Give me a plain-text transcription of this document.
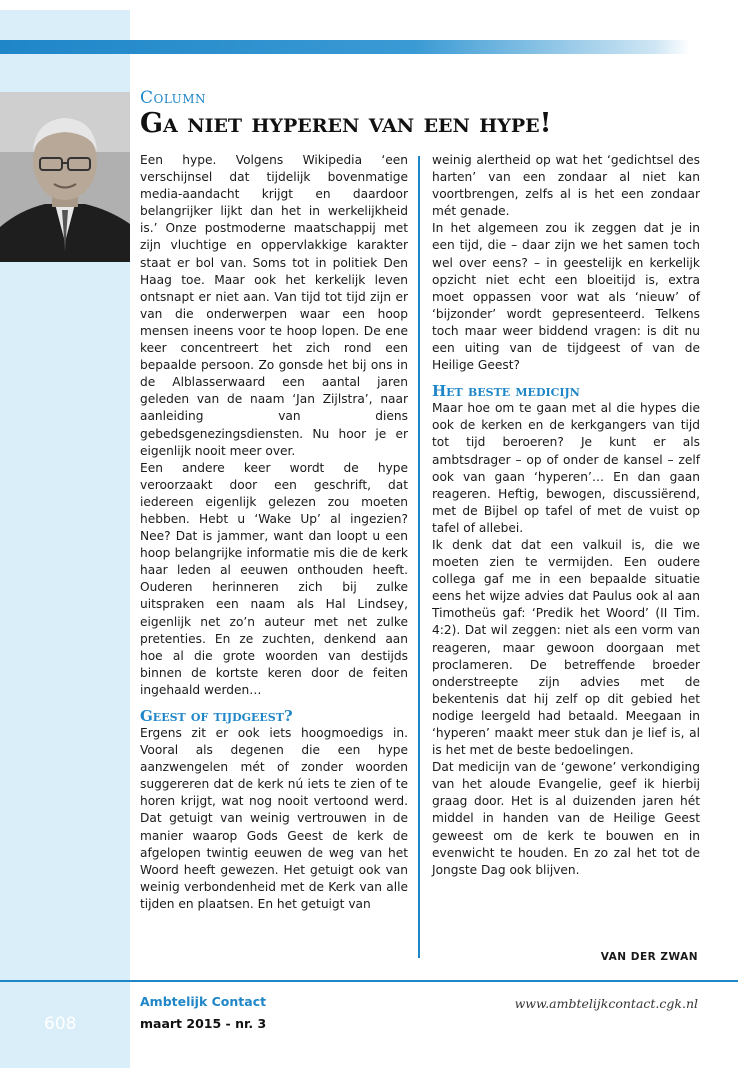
Column
Ga niet hyperen van een hype!

Een hype. Volgens Wikipedia ‘een verschijnsel dat tijdelijk bovenmatige media-aandacht krijgt en daardoor belangrijker lijkt dan het in werkelijkheid is.’ Onze postmoderne maatschappij met zijn vluchtige en oppervlakkige karakter staat er bol van. Soms tot in politiek Den Haag toe. Maar ook het kerkelijk leven ontsnapt er niet aan. Van tijd tot tijd zijn er van die onderwerpen waar een hoop mensen ineens voor te hoop lopen. De ene keer concentreert het zich rond een bepaalde persoon. Zo gonsde het bij ons in de Alblasserwaard een aantal jaren geleden van de naam ‘Jan Zijlstra’, naar aanleiding van diens gebedsgenezingsdiensten. Nu hoor je er eigenlijk nooit meer over.

Een andere keer wordt de hype veroorzaakt door een geschrift, dat iedereen eigenlijk gelezen zou moeten hebben. Hebt u ‘Wake Up’ al ingezien? Nee? Dat is jammer, want dan loopt u een hoop belangrijke informatie mis die de kerk haar leden al eeuwen onthouden heeft. Ouderen herinneren zich bij zulke uitspraken een naam als Hal Lindsey, eigenlijk net zo’n auteur met net zulke pretenties. En ze zuchten, denkend aan hoe al die grote woorden van destijds binnen de kortste keren door de feiten ingehaald werden…

Geest of tijdgeest?

Ergens zit er ook iets hoogmoedigs in. Vooral als degenen die een hype aanzwengelen mét of zonder woorden suggereren dat de kerk nú iets te zien of te horen krijgt, wat nog nooit vertoond werd. Dat getuigt van weinig vertrouwen in de manier waarop Gods Geest de kerk de afgelopen twintig eeuwen de weg van het Woord heeft gewezen. Het getuigt ook van weinig verbondenheid met de Kerk van alle tijden en plaatsen. En het getuigt van

weinig alertheid op wat het ‘gedichtsel des harten’ van een zondaar al niet kan voortbrengen, zelfs al is het een zondaar mét genade.

In het algemeen zou ik zeggen dat je in een tijd, die – daar zijn we het samen toch wel over eens? – in geestelijk en kerkelijk opzicht niet echt een bloeitijd is, extra moet oppassen voor wat als ‘nieuw’ of ‘bijzonder’ wordt gepresenteerd. Telkens toch maar weer biddend vragen: is dit nu een uiting van de tijdgeest of van de Heilige Geest?

Het beste medicijn

Maar hoe om te gaan met al die hypes die ook de kerken en de kerkgangers van tijd tot tijd beroeren? Je kunt er als ambtsdrager – op of onder de kansel – zelf ook van gaan ‘hyperen’… En dan gaan reageren. Heftig, bewogen, discussiërend, met de Bijbel op tafel of met de vuist op tafel of allebei.

Ik denk dat dat een valkuil is, die we moeten zien te vermijden. Een oudere collega gaf me in een bepaalde situatie eens het wijze advies dat Paulus ook al aan Timotheüs gaf: ‘Predik het Woord’ (II Tim. 4:2). Dat wil zeggen: niet als een vorm van reageren, maar gewoon doorgaan met proclameren. De betreffende broeder onderstreepte zijn advies met de bekentenis dat hij zelf op dit gebied het nodige leergeld had betaald. Meegaan in ‘hyperen’ maakt meer stuk dan je lief is, al is het met de beste bedoelingen.

Dat medicijn van de ‘gewone’ verkondiging van het aloude Evangelie, geef ik hierbij graag door. Het is al duizenden jaren hét middel in handen van de Heilige Geest geweest om de kerk te bouwen en in evenwicht te houden. En zo zal het tot de Jongste Dag ook blijven.

VAN DER ZWAN
608
Ambtelijk Contact
maart 2015 - nr. 3
www.ambtelijkcontact.cgk.nl
